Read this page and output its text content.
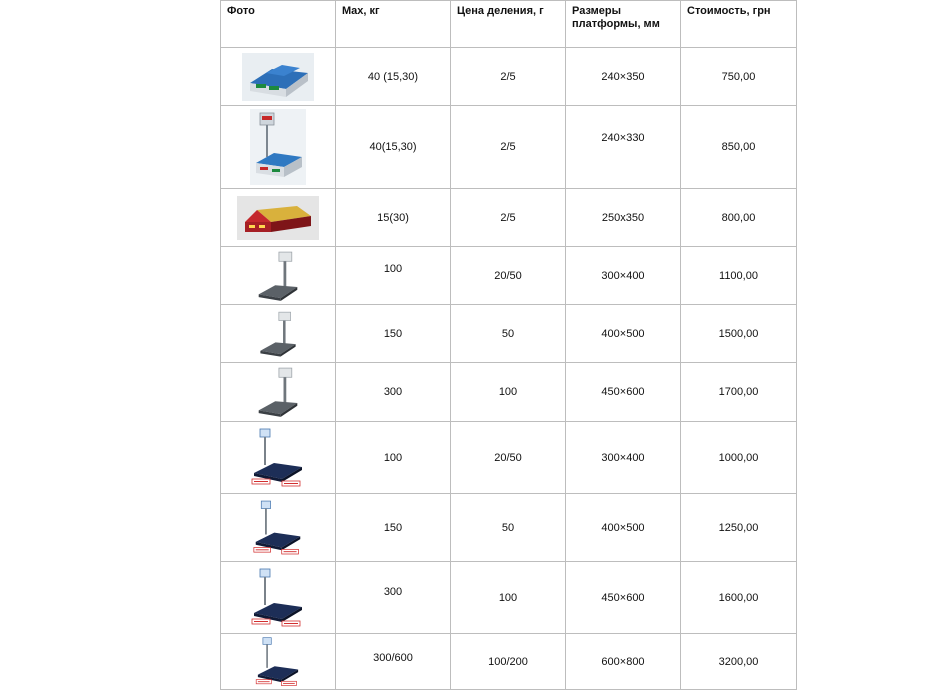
Фото	Max, кг	Цена деления, г	Размеры платформы, мм	Стоимость, грн

	40 (15,30)	2/5	240×350	750,00

	40(15,30)	2/5	240×330	850,00

	15(30)	2/5	250x350	800,00

	100	20/50	300×400	1100,00

	150	50	400×500	1500,00

	300	100	450×600	1700,00

	100	20/50	300×400	1000,00

	150	50	400×500	1250,00

	300	100	450×600	1600,00

	300/600	100/200	600×800	3200,00
